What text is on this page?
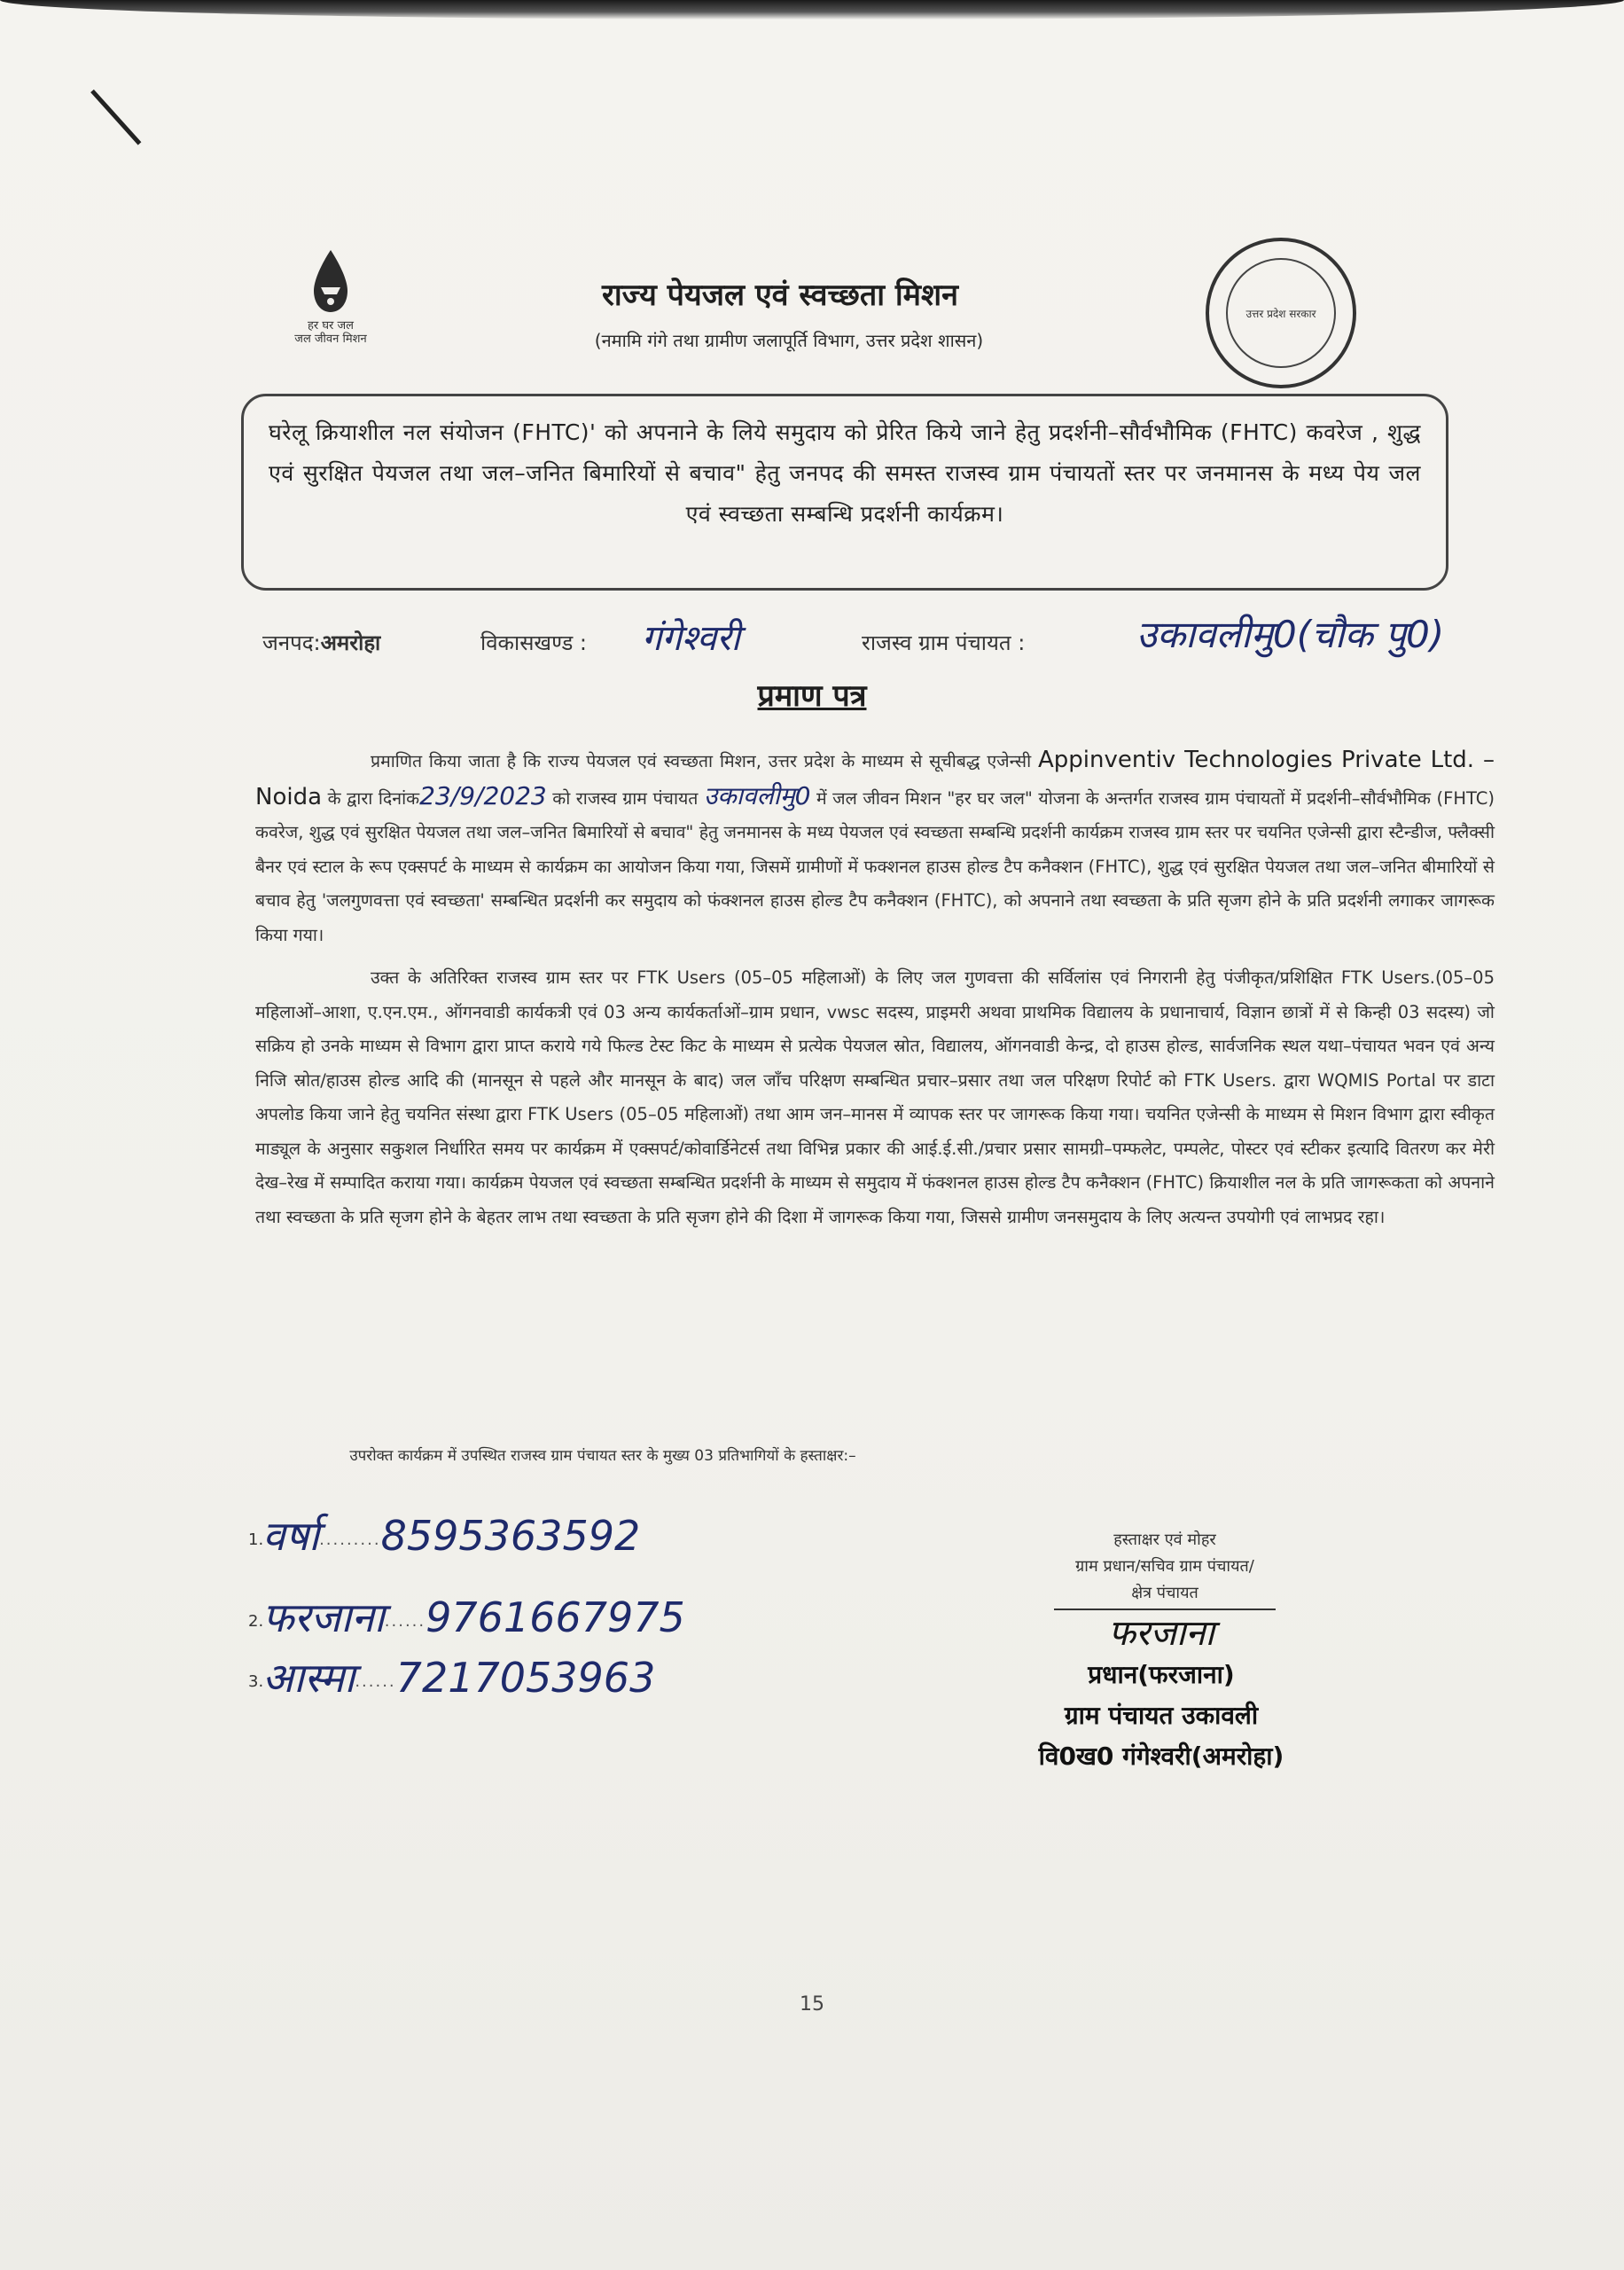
हर घर जल
जल जीवन मिशन
राज्य पेयजल एवं स्वच्छता मिशन
(नमामि गंगे तथा ग्रामीण जलापूर्ति विभाग, उत्तर प्रदेश शासन)
उत्तर प्रदेश सरकार

घरेलू क्रियाशील नल संयोजन (FHTC)' को अपनाने के लिये समुदाय को प्रेरित किये जाने हेतु प्रदर्शनी–सौर्वभौमिक (FHTC) कवरेज , शुद्ध एवं सुरक्षित पेयजल तथा जल–जनित बिमारियों से बचाव" हेतु जनपद की समस्त राजस्व ग्राम पंचायतों स्तर पर जनमानस के मध्य पेय जल एवं स्वच्छता सम्बन्धि प्रदर्शनी कार्यक्रम।

जनपद:अमरोहा	विकासखण्ड : गंगेश्वरी	राजस्व ग्राम पंचायत :	उकावलीमु0(चौक पु0)
प्रमाण पत्र

प्रमाणित किया जाता है कि राज्य पेयजल एवं स्वच्छता मिशन, उत्तर प्रदेश के माध्यम से सूचीबद्ध एजेन्सी Appinventiv Technologies Private Ltd. – Noida के द्वारा दिनांक23/9/2023 को राजस्व ग्राम पंचायत उकावलीमु0 में जल जीवन मिशन "हर घर जल" योजना के अन्तर्गत राजस्व ग्राम पंचायतों में प्रदर्शनी–सौर्वभौमिक (FHTC) कवरेज, शुद्ध एवं सुरक्षित पेयजल तथा जल–जनित बिमारियों से बचाव" हेतु जनमानस के मध्य पेयजल एवं स्वच्छता सम्बन्धि प्रदर्शनी कार्यक्रम राजस्व ग्राम स्तर पर चयनित एजेन्सी द्वारा स्टैन्डीज, फ्लैक्सी बैनर एवं स्टाल के रूप एक्सपर्ट के माध्यम से कार्यक्रम का आयोजन किया गया, जिसमें ग्रामीणों में फक्शनल हाउस होल्ड टैप कनैक्शन (FHTC), शुद्ध एवं सुरक्षित पेयजल तथा जल–जनित बीमारियों से बचाव हेतु 'जलगुणवत्ता एवं स्वच्छता' सम्बन्धित प्रदर्शनी कर समुदाय को फंक्शनल हाउस होल्ड टैप कनैक्शन (FHTC), को अपनाने तथा स्वच्छता के प्रति सृजग होने के प्रति प्रदर्शनी लगाकर जागरूक किया गया।

उक्त के अतिरिक्त राजस्व ग्राम स्तर पर FTK Users (05–05 महिलाओं) के लिए जल गुणवत्ता की सर्विलांस एवं निगरानी हेतु पंजीकृत/प्रशिक्षित FTK Users.(05–05 महिलाओं–आशा, ए.एन.एम., ऑगनवाडी कार्यकत्री एवं 03 अन्य कार्यकर्ताओं–ग्राम प्रधान, vwsc सदस्य, प्राइमरी अथवा प्राथमिक विद्यालय के प्रधानाचार्य, विज्ञान छात्रों में से किन्ही 03 सदस्य) जो सक्रिय हो उनके माध्यम से विभाग द्वारा प्राप्त कराये गये फिल्ड टेस्ट किट के माध्यम से प्रत्येक पेयजल स्रोत, विद्यालय, ऑगनवाडी केन्द्र, दो हाउस होल्ड, सार्वजनिक स्थल यथा–पंचायत भवन एवं अन्य निजि स्रोत/हाउस होल्ड आदि की (मानसून से पहले और मानसून के बाद) जल जाँच परिक्षण सम्बन्धित प्रचार–प्रसार तथा जल परिक्षण रिपोर्ट को FTK Users. द्वारा WQMIS Portal पर डाटा अपलोड किया जाने हेतु चयनित संस्था द्वारा FTK Users (05–05 महिलाओं) तथा आम जन–मानस में व्यापक स्तर पर जागरूक किया गया। चयनित एजेन्सी के माध्यम से मिशन विभाग द्वारा स्वीकृत माड्यूल के अनुसार सकुशल निर्धारित समय पर कार्यक्रम में एक्सपर्ट/कोवार्डिनेटर्स तथा विभिन्न प्रकार की आई.ई.सी./प्रचार प्रसार सामग्री–पम्फलेट, पम्पलेट, पोस्टर एवं स्टीकर इत्यादि वितरण कर मेरी देख–रेख में सम्पादित कराया गया। कार्यक्रम पेयजल एवं स्वच्छता सम्बन्धित प्रदर्शनी के माध्यम से समुदाय में फंक्शनल हाउस होल्ड टैप कनैक्शन (FHTC) क्रियाशील नल के प्रति जागरूकता को अपनाने तथा स्वच्छता के प्रति सृजग होने के बेहतर लाभ तथा स्वच्छता के प्रति सृजग होने की दिशा में जागरूक किया गया, जिससे ग्रामीण जनसमुदाय के लिए अत्यन्त उपयोगी एवं लाभप्रद रहा।

उपरोक्त कार्यक्रम में उपस्थित राजस्व ग्राम पंचायत स्तर के मुख्य 03 प्रतिभागियों के हस्ताक्षर:–
1.वर्षा.........8595363592
2.फरजाना......9761667975
3.आस्मा......7217053963
हस्ताक्षर एवं मोहर
ग्राम प्रधान/सचिव ग्राम पंचायत/
क्षेत्र पंचायत
फरजाना
प्रधान(फरजाना)
ग्राम पंचायत उकावली
वि0ख0 गंगेश्वरी(अमरोहा)
15
